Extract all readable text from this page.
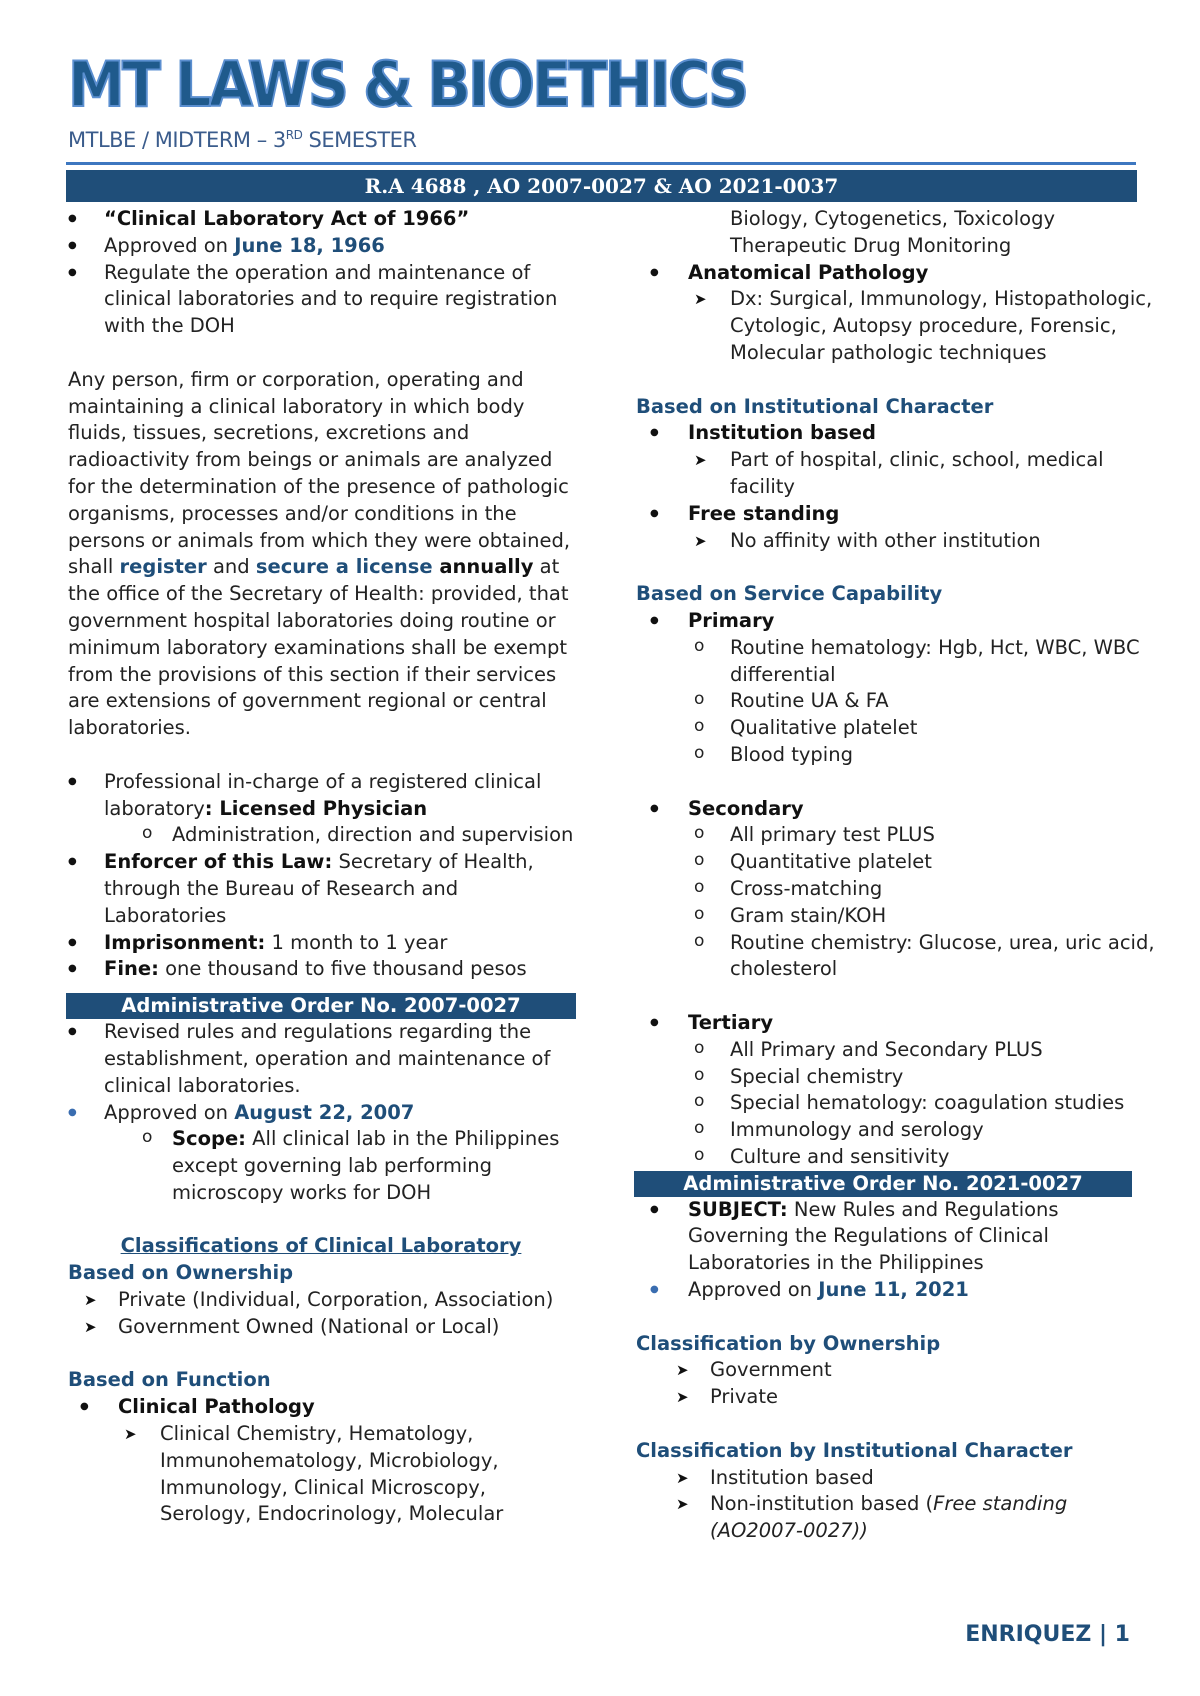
MT LAWS & BIOETHICS
MTLBE / MIDTERM – 3RD SEMESTER
R.A 4688 , AO 2007-0027 & AO 2021-0037
● “Clinical Laboratory Act of 1966”
● Approved on June 18, 1966
● Regulate the operation and maintenance of clinical laboratories and to require registration with the DOH
Any person, firm or corporation, operating and maintaining a clinical laboratory in which body fluids, tissues, secretions, excretions and radioactivity from beings or animals are analyzed for the determination of the presence of pathologic organisms, processes and/or conditions in the persons or animals from which they were obtained, shall register and secure a license annually at the office of the Secretary of Health: provided, that government hospital laboratories doing routine or minimum laboratory examinations shall be exempt from the provisions of this section if their services are extensions of government regional or central laboratories.
● Professional in-charge of a registered clinical laboratory: Licensed Physician
o Administration, direction and supervision
● Enforcer of this Law: Secretary of Health, through the Bureau of Research and Laboratories
● Imprisonment: 1 month to 1 year
● Fine: one thousand to five thousand pesos
Administrative Order No. 2007-0027
● Revised rules and regulations regarding the establishment, operation and maintenance of clinical laboratories.
● Approved on August 22, 2007
o Scope: All clinical lab in the Philippines except governing lab performing microscopy works for DOH
Classifications of Clinical Laboratory
Based on Ownership
➤ Private (Individual, Corporation, Association)
➤ Government Owned (National or Local)
Based on Function
● Clinical Pathology
➤ Clinical Chemistry, Hematology, Immunohematology, Microbiology, Immunology, Clinical Microscopy, Serology, Endocrinology, Molecular
Biology, Cytogenetics, Toxicology
Therapeutic Drug Monitoring
● Anatomical Pathology
➤ Dx: Surgical, Immunology, Histopathologic, Cytologic, Autopsy procedure, Forensic, Molecular pathologic techniques
Based on Institutional Character
● Institution based
➤ Part of hospital, clinic, school, medical facility
● Free standing
➤ No affinity with other institution
Based on Service Capability
● Primary
o Routine hematology: Hgb, Hct, WBC, WBC differential
o Routine UA & FA
o Qualitative platelet
o Blood typing
● Secondary
o All primary test PLUS
o Quantitative platelet
o Cross-matching
o Gram stain/KOH
o Routine chemistry: Glucose, urea, uric acid, cholesterol
● Tertiary
o All Primary and Secondary PLUS
o Special chemistry
o Special hematology: coagulation studies
o Immunology and serology
o Culture and sensitivity
Administrative Order No. 2021-0027
● SUBJECT: New Rules and Regulations Governing the Regulations of Clinical Laboratories in the Philippines
● Approved on June 11, 2021
Classification by Ownership
➤ Government
➤ Private
Classification by Institutional Character
➤ Institution based
➤ Non-institution based (Free standing (AO2007-0027))
ENRIQUEZ | 1
